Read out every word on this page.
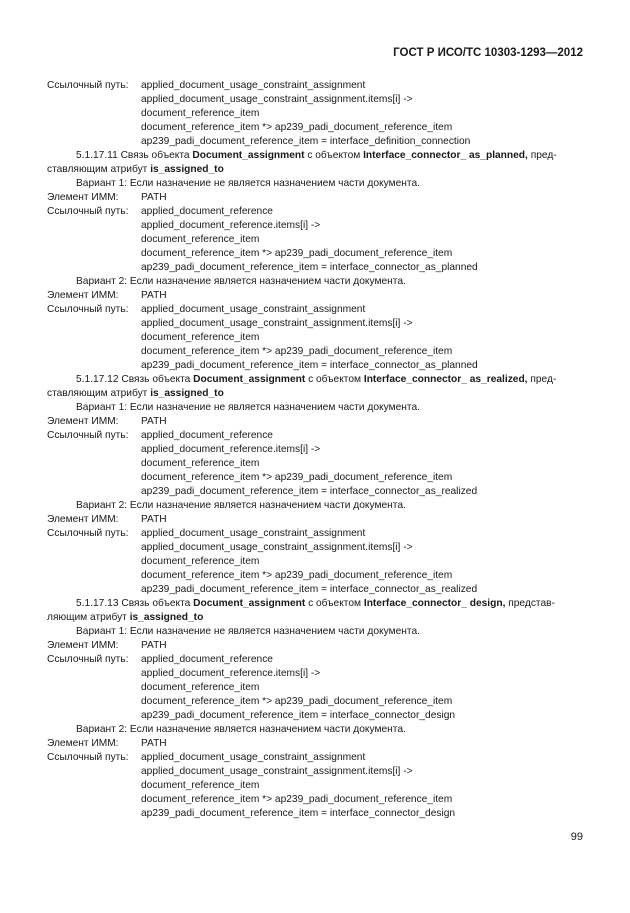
ГОСТ Р ИСО/ТС 10303-1293—2012
Ссылочный путь:	applied_document_usage_constraint_assignment
applied_document_usage_constraint_assignment.items[i] ->
document_reference_item
document_reference_item *> ap239_padi_document_reference_item
ap239_padi_document_reference_item = interface_definition_connection
5.1.17.11 Связь объекта Document_assignment с объектом Interface_connector_ as_planned, пред-
ставляющим атрибут is_assigned_to
Вариант 1: Если назначение не является назначением части документа.
Элемент ИММ:	PATH
Ссылочный путь:	applied_document_reference
applied_document_reference.items[i] ->
document_reference_item
document_reference_item *> ap239_padi_document_reference_item
ap239_padi_document_reference_item = interface_connector_as_planned
Вариант 2: Если назначение является назначением части документа.
Элемент ИММ:	PATH
Ссылочный путь:	applied_document_usage_constraint_assignment
applied_document_usage_constraint_assignment.items[i] ->
document_reference_item
document_reference_item *> ap239_padi_document_reference_item
ap239_padi_document_reference_item = interface_connector_as_planned
5.1.17.12 Связь объекта Document_assignment с объектом Interface_connector_ as_realized, пред-
ставляющим атрибут is_assigned_to
Вариант 1: Если назначение не является назначением части документа.
Элемент ИММ:	PATH
Ссылочный путь:	applied_document_reference
applied_document_reference.items[i] ->
document_reference_item
document_reference_item *> ap239_padi_document_reference_item
ap239_padi_document_reference_item = interface_connector_as_realized
Вариант 2: Если назначение является назначением части документа.
Элемент ИММ:	PATH
Ссылочный путь:	applied_document_usage_constraint_assignment
applied_document_usage_constraint_assignment.items[i] ->
document_reference_item
document_reference_item *> ap239_padi_document_reference_item
ap239_padi_document_reference_item = interface_connector_as_realized
5.1.17.13 Связь объекта Document_assignment с объектом Interface_connector_ design, представ-
ляющим атрибут is_assigned_to
Вариант 1: Если назначение не является назначением части документа.
Элемент ИММ:	PATH
Ссылочный путь:	applied_document_reference
applied_document_reference.items[i] ->
document_reference_item
document_reference_item *> ap239_padi_document_reference_item
ap239_padi_document_reference_item = interface_connector_design
Вариант 2: Если назначение является назначением части документа.
Элемент ИММ:	PATH
Ссылочный путь:	applied_document_usage_constraint_assignment
applied_document_usage_constraint_assignment.items[i] ->
document_reference_item
document_reference_item *> ap239_padi_document_reference_item
ap239_padi_document_reference_item = interface_connector_design
99
